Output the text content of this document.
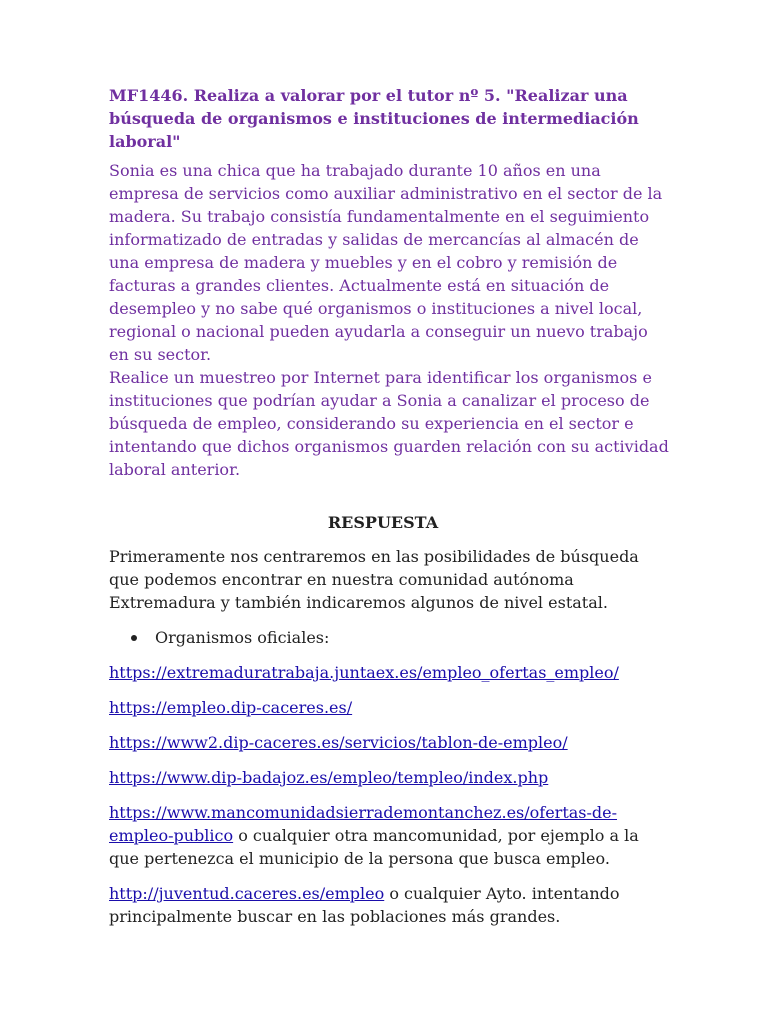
MF1446. Realiza a valorar por el tutor nº 5. "Realizar una búsqueda de organismos e instituciones de intermediación laboral"

Sonia es una chica que ha trabajado durante 10 años en una empresa de servicios como auxiliar administrativo en el sector de la madera. Su trabajo consistía fundamentalmente en el seguimiento informatizado de entradas y salidas de mercancías al almacén de una empresa de madera y muebles y en el cobro y remisión de facturas a grandes clientes. Actualmente está en situación de desempleo y no sabe qué organismos o instituciones a nivel local, regional o nacional pueden ayudarla a conseguir un nuevo trabajo en su sector.

Realice un muestreo por Internet para identificar los organismos e instituciones que podrían ayudar a Sonia a canalizar el proceso de búsqueda de empleo, considerando su experiencia en el sector e intentando que dichos organismos guarden relación con su actividad laboral anterior.

RESPUESTA

Primeramente nos centraremos en las posibilidades de búsqueda que podemos encontrar en nuestra comunidad autónoma Extremadura y también indicaremos algunos de nivel estatal.

Organismos oficiales:

https://extremaduratrabaja.juntaex.es/empleo_ofertas_empleo/

https://empleo.dip-caceres.es/

https://www2.dip-caceres.es/servicios/tablon-de-empleo/

https://www.dip-badajoz.es/empleo/templeo/index.php

https://www.mancomunidadsierrademontanchez.es/ofertas-de-empleo-publico o cualquier otra mancomunidad, por ejemplo a la que pertenezca el municipio de la persona que busca empleo.

http://juventud.caceres.es/empleo o cualquier Ayto. intentando principalmente buscar en las poblaciones más grandes.
